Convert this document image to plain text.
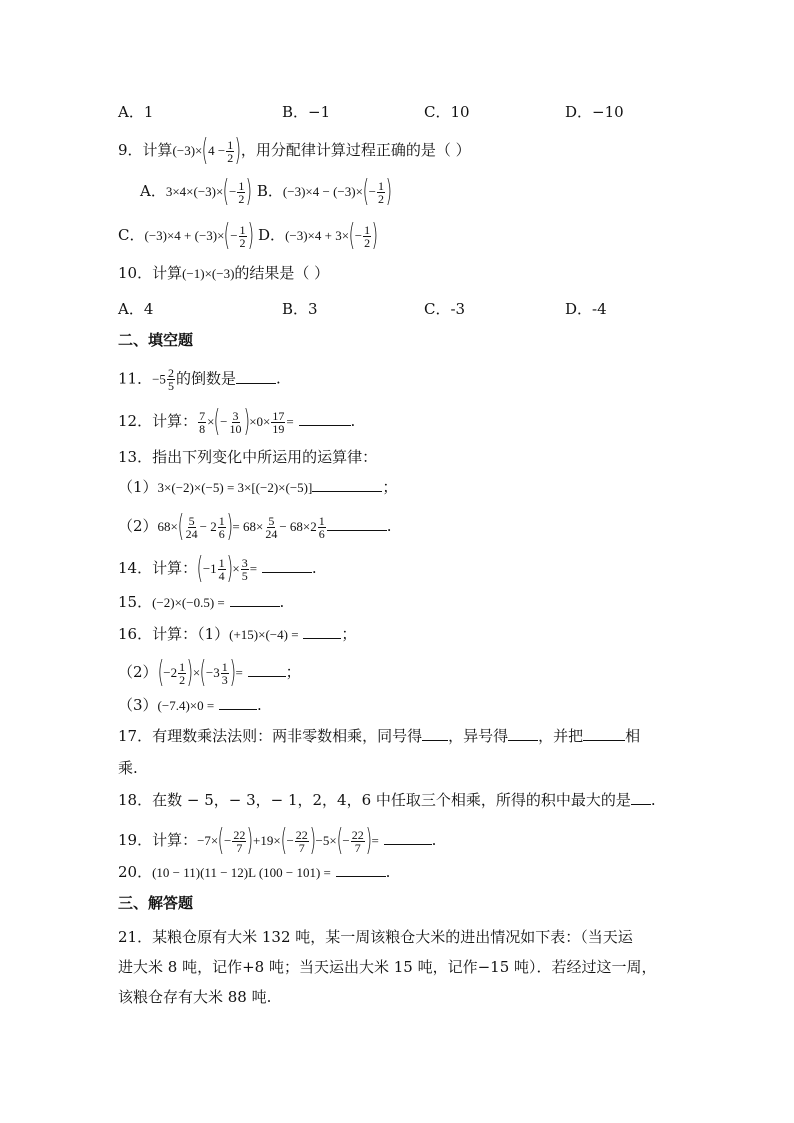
A．1	B．−1	C．10	D．−10
9．计算$(-3)\times(4 - \frac{1}{2}$ )，用分配律计算过程正确的是（ ）
A．$3\times 4\times(-3)\times(- \frac{1}{2}$ ) B．$(-3)\times 4 - (-3)\times(- \frac{1}{2}$ )
C．$(-3)\times 4 + (-3)\times(- \frac{1}{2}$ ) D．$(-3)\times 4 + 3\times(- \frac{1}{2}$ )
10．计算(−1)×(−3)的结果是（ ）
A．4	B．3	C．-3	D．-4
二、填空题
11．$-5 \frac{2}{5}$ 的倒数是	.
12．计算： $\frac{7}{8}$ ×(− $\frac{3}{10} )\times 0\times \frac{17}{19}$ =	.
13．指出下列变化中所运用的运算律：
（1）3×(−2)×(−5) = 3×[(−2)×(−5)]	；
$(2)68\times( \frac{5}{24} - 2 \frac{1}{6}$ )= $68\times \frac{5}{24} - 68\times 2 \frac{1}{6}$	.
14．计算：($-1 \frac{1}{4}$ )× $\frac{3}{5}$ =	.
15．(−2)×(−0.5) =	.
16．计算：（1）(+15)×(−4) =	；
$(2)(-2 \frac{1}{2} )\times(-3 \frac{1}{3}$ )=	；
（3）(−7.4)×0 =	.
17．有理数乘法法则：两非零数相乘，同号得 ，异号得 ，并把	相
乘.
18．在数 − 5，− 3，− 1，2，4，6 中任取三个相乘，所得的积中最大的是 .
19．计算：$-7\times(- \frac{22}{7} )+19\times(- \frac{22}{7} )-5\times(- \frac{22}{7}$ )=	.
20．(10 − 11)(11 − 12)L (100 − 101) =	.
三、解答题
21．某粮仓原有大米 132 吨，某一周该粮仓大米的进出情况如下表：（当天运
进大米 8 吨，记作+8 吨；当天运出大米 15 吨，记作−15 吨）．若经过这一周，
该粮仓存有大米 88 吨.
